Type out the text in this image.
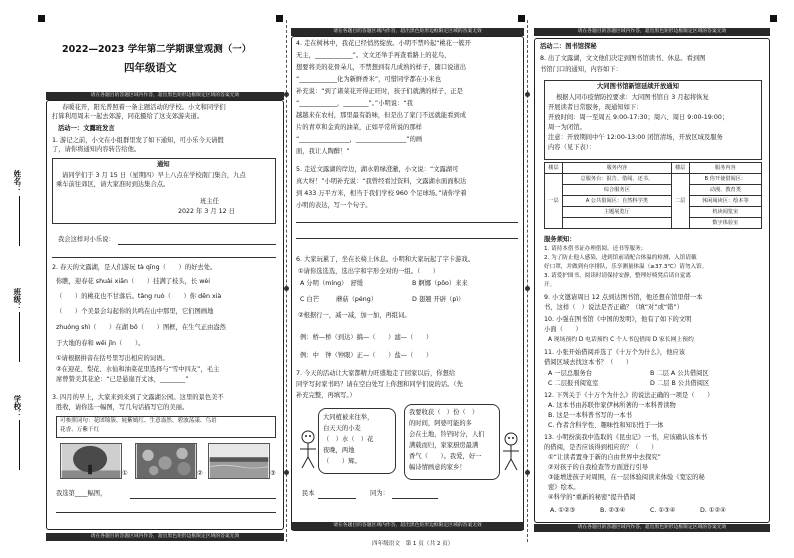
姓名：
班级：
学校：
2022—2023 学年第二学期课堂观测（一）
四年级语文
请在各题目的答题区域内作答，超出黑色矩形边框限定区域的答案无效
春暖花开，阳光普照着一条主题活动的学校。小文和同学们
打算利用周末一起去郊游，同花摄给了这支郊游夹道。
活动一：文露班发言
1. 游记之前，小文在小组群里发了如下通知，可小乐今天请假
了，请你将通知内容转告给他。
通知
请同学们于 3 月 15 日（星期四）早上八点在学校南门集合，九点
乘车前往郊区，请大家准时到达集合点。
班主任
2022 年 3 月 12 日
我会这样对小乐说：
2. 春天的文露湖，是人们游玩 tà qīng（　　）的好去处。
你瞧，迎春花 shuài xiān（　　）挂满了枝头，长 wèi
（　　）的桃花也不甘落后。tǎng ruò（　　）你 dēn xià
（　　）个美景会勾起你的共鸣在山中那里，它们图画地
zhuóng shì（　　）在湖 bō（　　）图框，在生气正由盎然
于大地的春和 wēi jǐn（　　）。
①请根据拼音在括号里写出相应的词语。
②在迎花、梨花、水仙和油菜花里选择与“雪中四友”，毛主
席曾赞美其花论：“已是悬崖百丈冰，________”
3. 四月的早上，大家来到来到了文露湖公园。这里的景色美不
胜收，请你选一幅图，写几句话描写它的美丽。
可参照词句：花团锦簇、姹紫嫣红、生意盎然、碧波荡漾、鸟语
花香、万紫千红
①	②	③
我选第____幅图，
请在各题目的答题区域内作答，超出黑色矩形边框限定区域的答案无效
请在各题目的答题区域内作答，超出黑色矩形边框限定区域的答案无效
4. 走在树林中，我花已经悄然绽放。小明不禁吟起“桃花一簇开
无主，____________”。文文还举手再查看路上的花鸟，
想要将美的花骨朵儿，不禁想到有几成熟的样子，随口说道出
“____________化为新鲜香米”，可惜同学都在小米也
补充说：“到了诸菜花开得正旺时，孩子们就满的样子，正是
“____________，________”。”小明说：“我
越越来在农村，那里最有韵味，但是出了家门不远就能看到成
片的青草和金黄的油菜，正如平常所说的那样
“________________，________________”的画
面，我让人陶醉！”
5. 走近文露湖的岸边，湖水碧绿澄澈，小文说：“文露湖可
真大呀！”小明补充说：“我曾经看过资料，文露湖水面面积达
到 433 万平方米，相当于我们学校 960 个足球场。”请你学着
小明的表达，写一个句子。
6. 大家玩累了，坐在长椅上休息。小明和大家玩起了字卡游戏。
①请你选选选，选出字和字形全对的一组。（　　）
A 分明（míng）　舒缓	B 婀娜（pōo）来来
C 白芒	蘑菇（péng）	D 翅翘 开辟（pì）
②根据行一，减一减，加一加，再组词。
例：桥—桥（到达）搞—（　　）滤—（　　）
例：中　钟（钟眼）正—（　　）盐—（　　）
7. 今天的活动让大家都精力旺盛地走了回家以后，你想给
同学写封家书吗？请在空白处写上你想和同学们说的话。（先
补充完整，再填写。）
大同植被来往举，
白天天的小麦
（　）水（　）花
夜晚，两地
（　　）辉。
我要收获（　）份（　）
的时间，阿婆可能的多
会在土地，铃铛时分，人们
满载而归，家家厨房最满
香气（　　）。我爱，好一
幅诗情画意的家乡！
民本	同为：
请在各题目的答题区域内作答，超出黑色矩形边框限定区域的答案无效
四年级语文　第 1 页（共 2 页）
请在各题目的答题区域内作答，超出黑色矩形边框限定区域的答案无效
活动二：图书馆探秘
8. 出了文露湖，文文他们决定到图书馆读书、休息。看到图
书馆门口的通知，内容如下：
大同图书馆新馆延续开放通知
根据人同市疫情防控要求：大同图书馆自 3 月起将恢复
开展读者日常服务，现通知如下：
开放时间：周一至周五 9:00-17:30；周六、周日 9:00-19:00；
周一为闭馆。
注意：开放期间中午 12:00-13:00 闭馆清场，开放区域及服务
内容（见下表）：
楼层	服务内容	楼层	服务内容
一层	总服务台：报告、借阅、还书、	二层	B 你开使借阅区：
	综合服务区		动漫、教育类
	A 公共借阅区：自然科学类		休闲阅读区：绘本等
	主题展览厅		机读阅览室
			数字体验室
服务须知：
1. 请持本借书证办理借阅、还书等服务；
2. 为了防止他人感染，进到馆前请配合体温的检测，入馆请戴
好口罩，并做到有序排队，乐享测量体温（≥37.3℃）请勿入馆。
3. 请爱护图书，阅读时请保持安静，整理好椅凳后请自觉离
开。
9. 小文邀请周日 12 点到达图书馆，他还想在馆里借一本
书，这样（　）说法是否正确？（填“对”或“错”）
10. 小强在图书馆《中国的发明》，他有了如下的文明
小面（　　）
A 现场预约 D 电话预约 C 个人书包借阅 D 家长网上预约
11. 小张开始借阅并选了《十万个为什么》，他应该
借阅区域去找这本书？（　　）
A 一层总服务台	B 二层 A 公共借阅区
C 二层报刊阅览室	D 二层 B 公共借阅区
12. 下列关于《十万个为什么》的说法正确的一项是（　　）
A. 这本书由苏联作家伊林所著的一本科普读物
B. 这是一本科普书写的一本书
C. 作者含科学性、趣味性和知识性于一体
13. 小明扮演我中选取的《昆虫记》一书，应该确认该本书
的借阅，是否应该得到相应的？（　　）
①“让读者置身于新的自由世界中去探究”
②对孩子的自我检查等方面进行引导
③能增进孩子对周围，在一层体验阅读来体验《宽宏的秘
密》绘本。
④科学的“重新的秘密”提升借阅
A. ①②③	B. ②③④	C. ①③④	D. ①②④
请在各题目的答题区域内作答，超出黑色矩形边框限定区域的答案无效
